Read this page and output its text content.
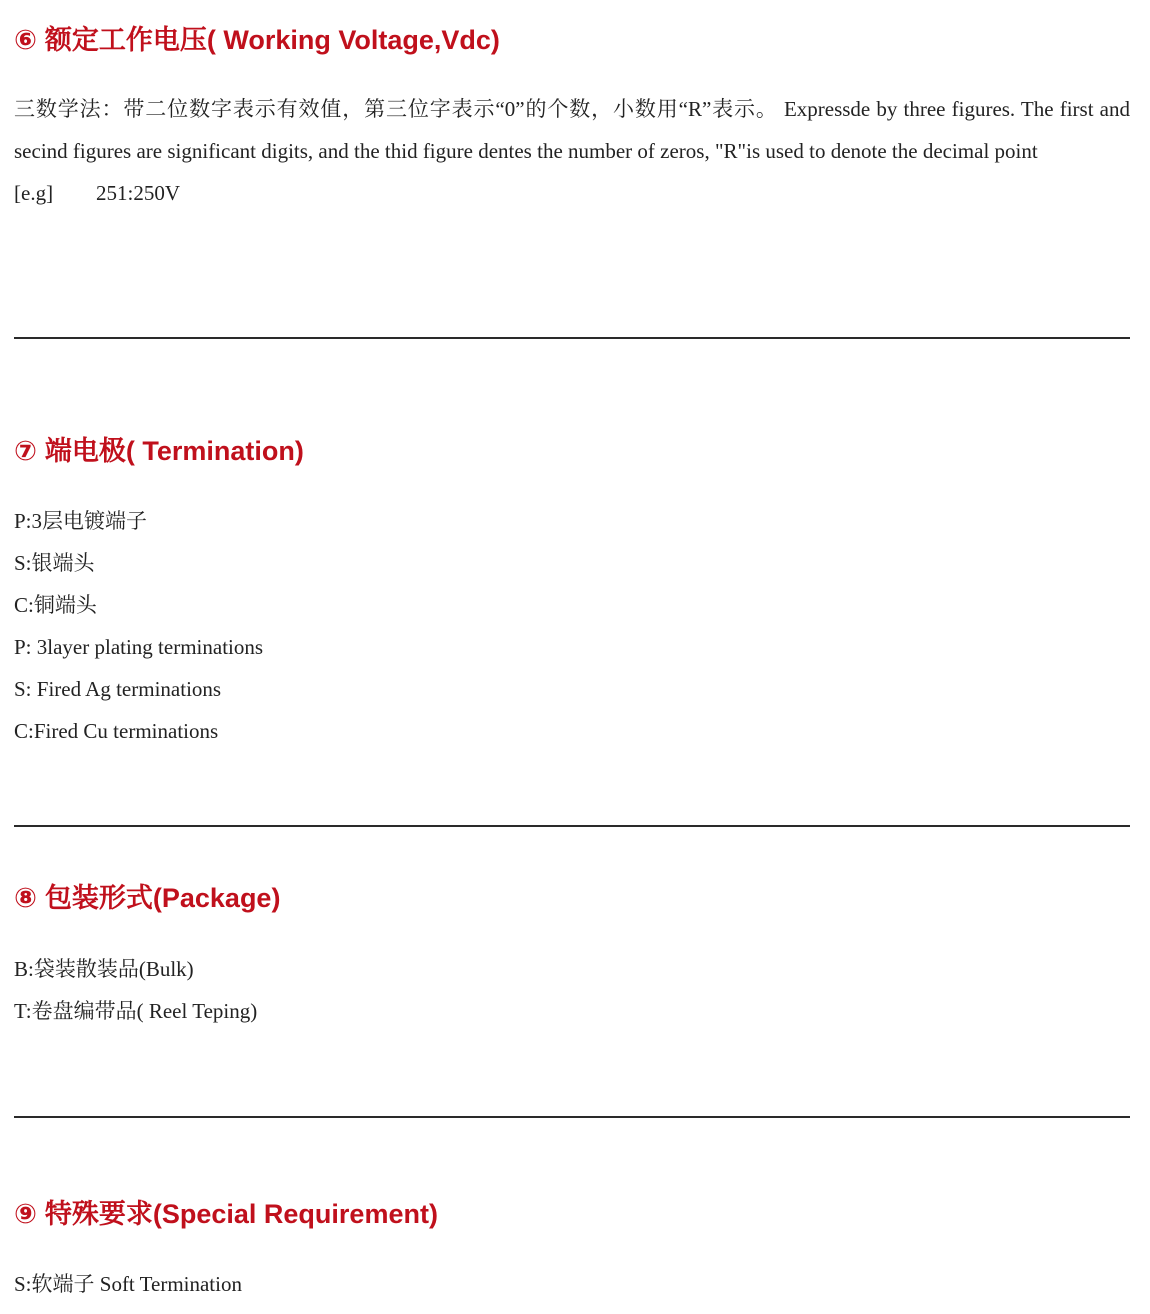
⑥ 额定工作电压( Working Voltage,Vdc)

三数学法：带二位数字表示有效值，第三位字表示“0”的个数，小数用“R”表示。 Expressde by three figures. The first and secind figures are significant digits, and the thid figure dentes the number of zeros, "R"is used to denote the decimal point

[e.g] 251:250V

⑦ 端电极( Termination)

P:3层电镀端子

S:银端头

C:铜端头

P: 3layer plating terminations

S: Fired Ag terminations

C:Fired Cu terminations

⑧ 包装形式(Package)

B:袋装散装品(Bulk)

T:卷盘编带品( Reel Teping)

⑨ 特殊要求(Special Requirement)

S:软端子 Soft Termination
